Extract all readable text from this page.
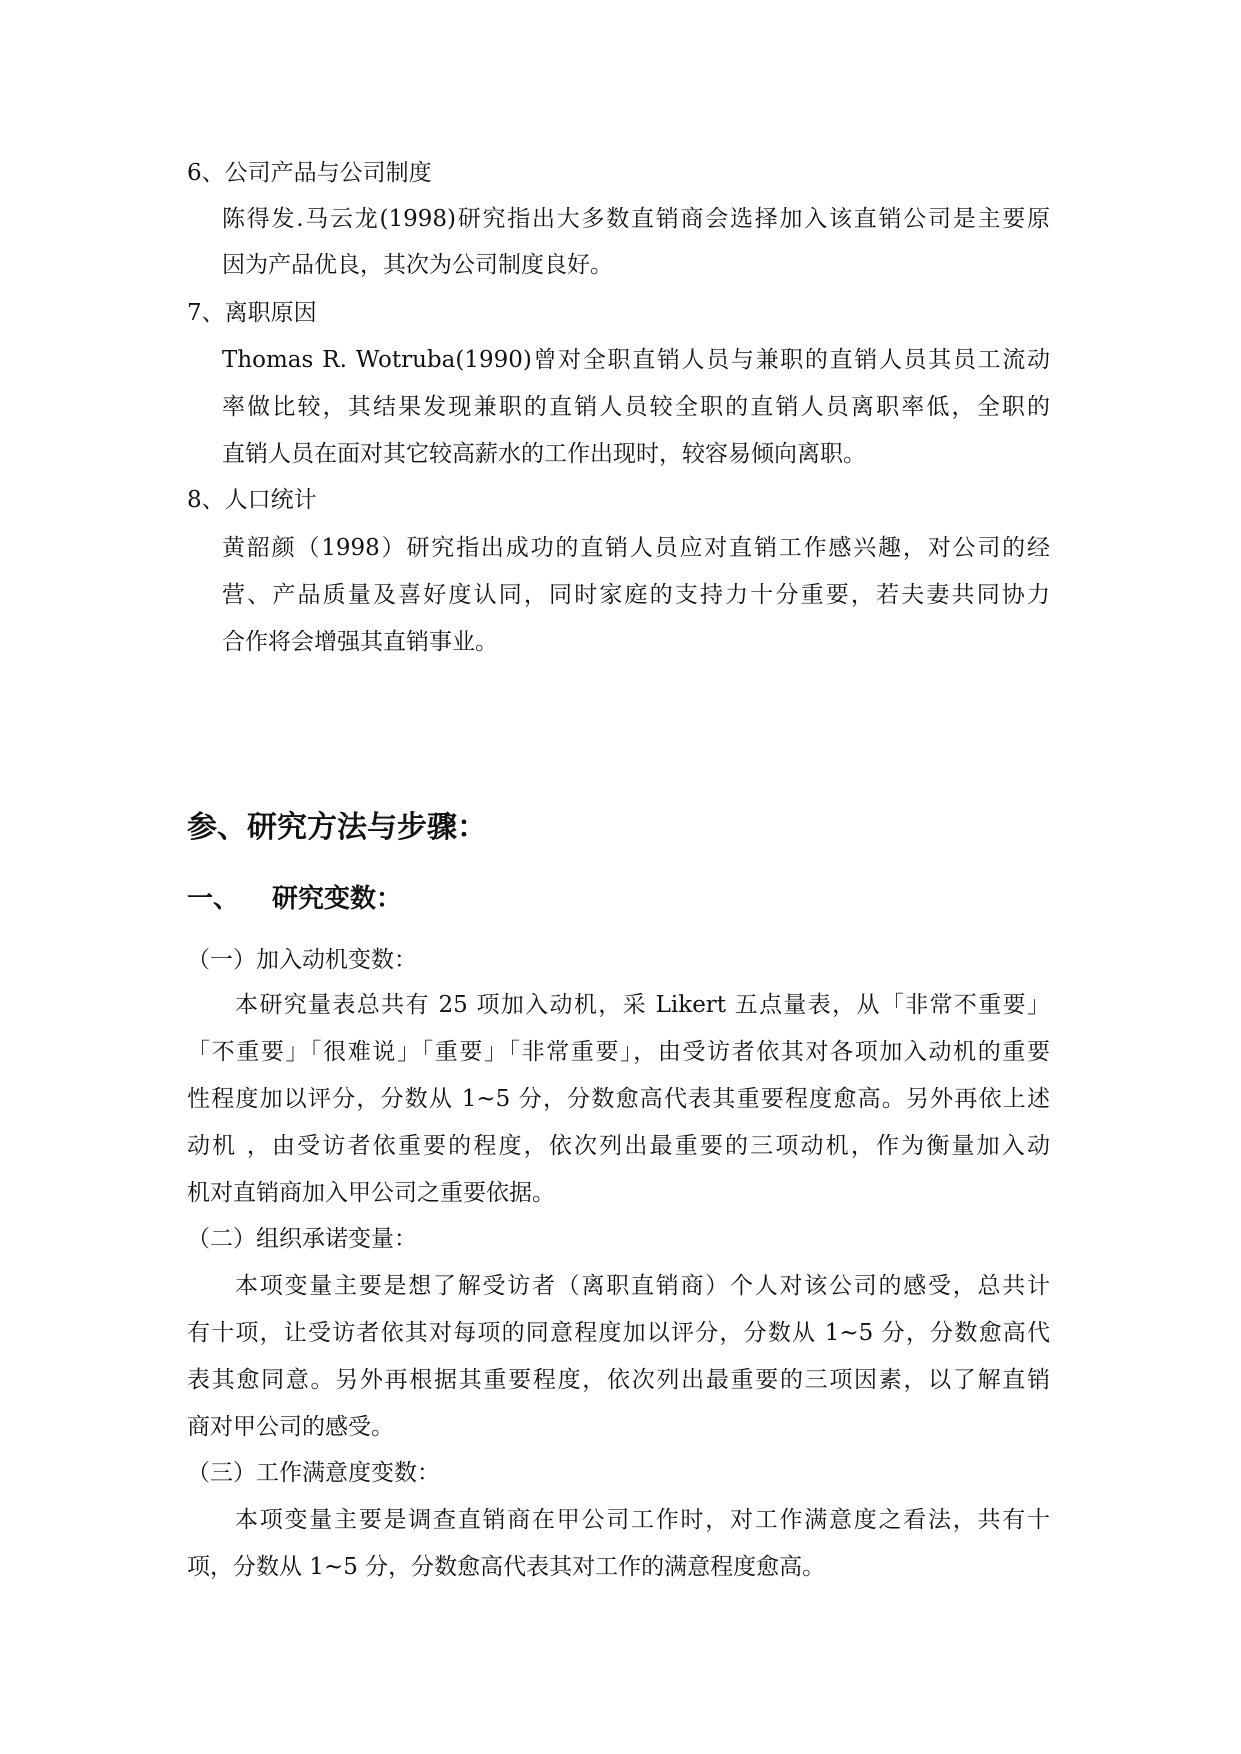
6、公司产品与公司制度
陈得发.马云龙(1998)研究指出大多数直销商会选择加入该直销公司是主要原
因为产品优良，其次为公司制度良好。
7、离职原因
Thomas R. Wotruba(1990)曾对全职直销人员与兼职的直销人员其员工流动
率做比较，其结果发现兼职的直销人员较全职的直销人员离职率低，全职的
直销人员在面对其它较高薪水的工作出现时，较容易倾向离职。
8、人口统计
黄韶颜（1998）研究指出成功的直销人员应对直销工作感兴趣，对公司的经
营、产品质量及喜好度认同，同时家庭的支持力十分重要，若夫妻共同协力
合作将会增强其直销事业。
参、研究方法与步骤：
一、 研究变数：
（一）加入动机变数：
本研究量表总共有 25 项加入动机，采 Likert 五点量表，从「非常不重要」
「不重要」「很难说」「重要」「非常重要」，由受访者依其对各项加入动机的重要
性程度加以评分，分数从 1~5 分，分数愈高代表其重要程度愈高。另外再依上述
动机 ，由受访者依重要的程度，依次列出最重要的三项动机，作为衡量加入动
机对直销商加入甲公司之重要依据。
（二）组织承诺变量：
本项变量主要是想了解受访者（离职直销商）个人对该公司的感受，总共计
有十项，让受访者依其对每项的同意程度加以评分，分数从 1~5 分，分数愈高代
表其愈同意。另外再根据其重要程度，依次列出最重要的三项因素，以了解直销
商对甲公司的感受。
（三）工作满意度变数：
本项变量主要是调查直销商在甲公司工作时，对工作满意度之看法，共有十
项，分数从 1~5 分，分数愈高代表其对工作的满意程度愈高。
